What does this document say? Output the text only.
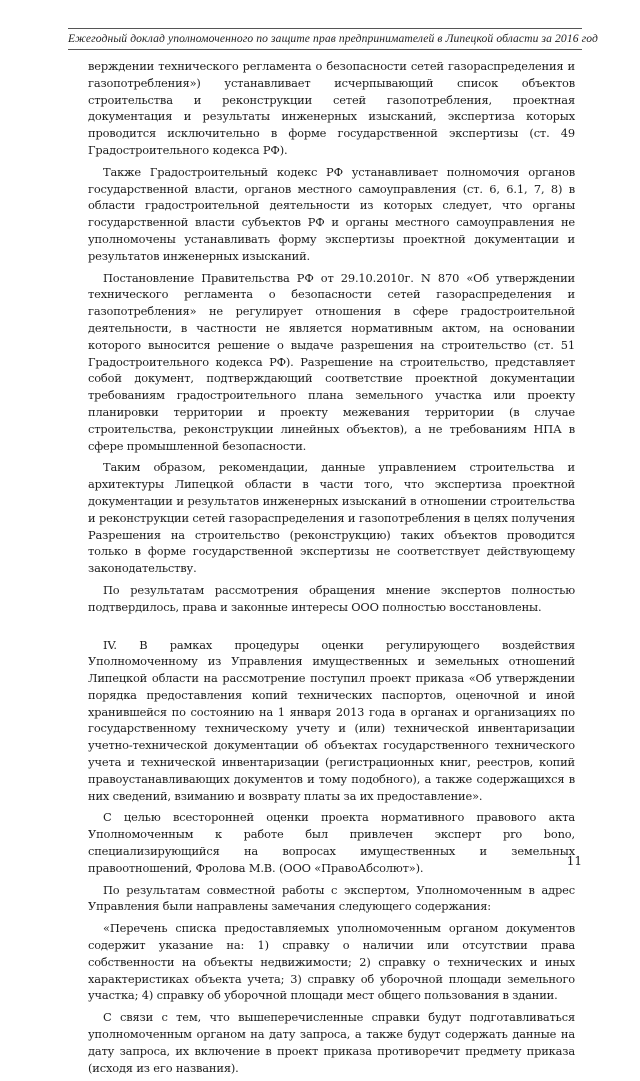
Ежегодный доклад уполномоченного по защите прав предпринимателей в Липецкой области за 2016 год

верждении технического регламента о безопасности сетей газораспределения и газопотребления») устанавливает исчерпывающий список объектов строительства и реконструкции сетей газопотребления, проектная документация и результаты инженерных изысканий, экспертиза которых проводится исключительно в форме государственной экспертизы (ст. 49 Градостроительного кодекса РФ).

Также Градостроительный кодекс РФ устанавливает полномочия органов государственной власти, органов местного самоуправления (ст. 6, 6.1, 7, 8) в области градостроительной деятельности из которых следует, что органы государственной власти субъектов РФ и органы местного самоуправления не уполномочены устанавливать форму экспертизы проектной документации и результатов инженерных изысканий.

Постановление Правительства РФ от 29.10.2010г. N 870 «Об утверждении технического регламента о безопасности сетей газораспределения и газопотребления» не регулирует отношения в сфере градостроительной деятельности, в частности не является нормативным актом, на основании которого выносится решение о выдаче разрешения на строительство (ст. 51 Градостроительного кодекса РФ). Разрешение на строительство, представляет собой документ, подтверждающий соответствие проектной документации требованиям градостроительного плана земельного участка или проекту планировки территории и проекту межевания территории (в случае строительства, реконструкции линейных объектов), а не требованиям НПА в сфере промышленной безопасности.

Таким образом, рекомендации, данные управлением строительства и архитектуры Липецкой области в части того, что экспертиза проектной документации и результатов инженерных изысканий в отношении строительства и реконструкции сетей газораспределения и газопотребления в целях получения Разрешения на строительство (реконструкцию) таких объектов проводится только в форме государственной экспертизы не соответствует действующему законодательству.

По результатам рассмотрения обращения мнение экспертов полностью подтвердилось, права и законные интересы ООО полностью восстановлены.

IV. В рамках процедуры оценки регулирующего воздействия Уполномоченному из Управления имущественных и земельных отношений Липецкой области на рассмотрение поступил проект приказа «Об утверждении порядка предоставления копий технических паспортов, оценочной и иной хранившейся по состоянию на 1 января 2013 года в органах и организациях по государственному техническому учету и (или) технической инвентаризации учетно-технической документации об объектах государственного технического учета и технической инвентаризации (регистрационных книг, реестров, копий правоустанавливающих документов и тому подобного), а также содержащихся в них сведений, взиманию и возврату платы за их предоставление».

С целью всесторонней оценки проекта нормативного правового акта Уполномоченным к работе был привлечен эксперт pro bono, специализирующийся на вопросах имущественных и земельных правоотношений, Фролова М.В. (ООО «ПравоАбсолют»).

По результатам совместной работы с экспертом, Уполномоченным в адрес Управления были направлены замечания следующего содержания:

«Перечень списка предоставляемых уполномоченным органом документов содержит указание на: 1) справку о наличии или отсутствии права собственности на объекты недвижимости; 2) справку о технических и иных характеристиках объекта учета; 3) справку об уборочной площади земельного участка; 4) справку об уборочной площади мест общего пользования в здании.

С связи с тем, что вышеперечисленные справки будут подготавливаться уполномоченным органом на дату запроса, а также будут содержать данные на дату запроса, их включение в проект приказа противоречит предмету приказа (исходя из его названия).

11
